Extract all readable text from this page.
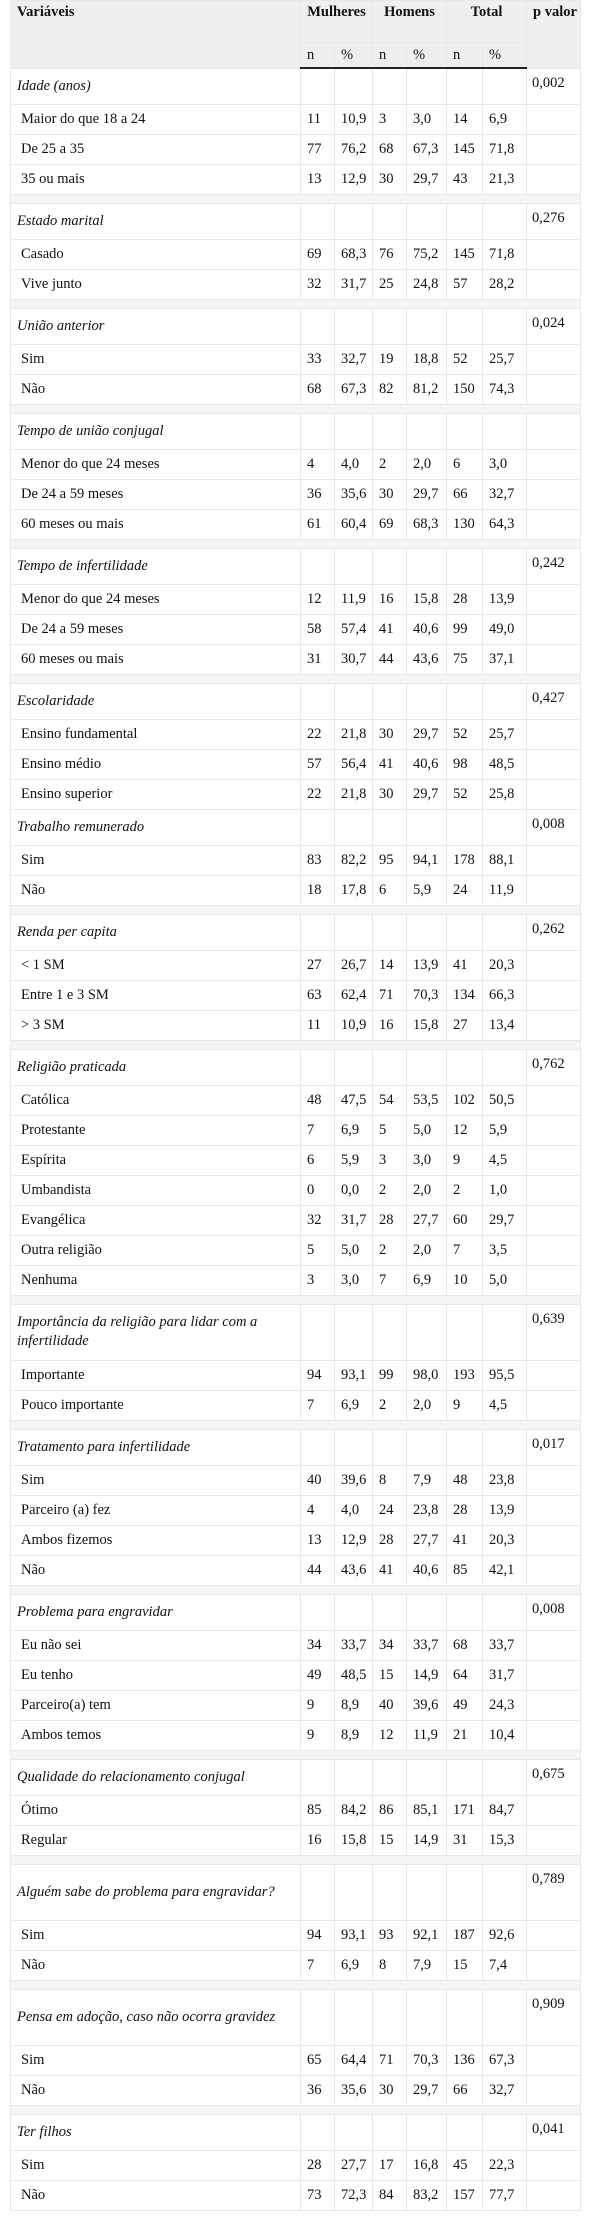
Variáveis	Mulheres		Homens		Total		p valor
	n	%	n	%	n	%	
Idade (anos)							0,002
Maior do que 18 a 24	11	10,9	3	3,0	14	6,9	
De 25 a 35	77	76,2	68	67,3	145	71,8	
35 ou mais	13	12,9	30	29,7	43	21,3	

Estado marital							0,276
Casado	69	68,3	76	75,2	145	71,8	
Vive junto	32	31,7	25	24,8	57	28,2	

União anterior							0,024
Sim	33	32,7	19	18,8	52	25,7	
Não	68	67,3	82	81,2	150	74,3	

Tempo de união conjugal							
Menor do que 24 meses	4	4,0	2	2,0	6	3,0	
De 24 a 59 meses	36	35,6	30	29,7	66	32,7	
60 meses ou mais	61	60,4	69	68,3	130	64,3	

Tempo de infertilidade							0,242
Menor do que 24 meses	12	11,9	16	15,8	28	13,9	
De 24 a 59 meses	58	57,4	41	40,6	99	49,0	
60 meses ou mais	31	30,7	44	43,6	75	37,1	

Escolaridade							0,427
Ensino fundamental	22	21,8	30	29,7	52	25,7	
Ensino médio	57	56,4	41	40,6	98	48,5	
Ensino superior	22	21,8	30	29,7	52	25,8	
Trabalho remunerado							0,008
Sim	83	82,2	95	94,1	178	88,1	
Não	18	17,8	6	5,9	24	11,9	

Renda per capita							0,262
< 1 SM	27	26,7	14	13,9	41	20,3	
Entre 1 e 3 SM	63	62,4	71	70,3	134	66,3	
> 3 SM	11	10,9	16	15,8	27	13,4	

Religião praticada							0,762
Católica	48	47,5	54	53,5	102	50,5	
Protestante	7	6,9	5	5,0	12	5,9	
Espírita	6	5,9	3	3,0	9	4,5	
Umbandista	0	0,0	2	2,0	2	1,0	
Evangélica	32	31,7	28	27,7	60	29,7	
Outra religião	5	5,0	2	2,0	7	3,5	
Nenhuma	3	3,0	7	6,9	10	5,0	

Importância da religião para lidar com a infertilidade							0,639
Importante	94	93,1	99	98,0	193	95,5	
Pouco importante	7	6,9	2	2,0	9	4,5	

Tratamento para infertilidade							0,017
Sim	40	39,6	8	7,9	48	23,8	
Parceiro (a) fez	4	4,0	24	23,8	28	13,9	
Ambos fizemos	13	12,9	28	27,7	41	20,3	
Não	44	43,6	41	40,6	85	42,1	

Problema para engravidar							0,008
Eu não sei	34	33,7	34	33,7	68	33,7	
Eu tenho	49	48,5	15	14,9	64	31,7	
Parceiro(a) tem	9	8,9	40	39,6	49	24,3	
Ambos temos	9	8,9	12	11,9	21	10,4	

Qualidade do relacionamento conjugal							0,675
Ótimo	85	84,2	86	85,1	171	84,7	
Regular	16	15,8	15	14,9	31	15,3	

Alguém sabe do problema para engravidar?							0,789
Sim	94	93,1	93	92,1	187	92,6	
Não	7	6,9	8	7,9	15	7,4	

Pensa em adoção, caso não ocorra gravidez							0,909
Sim	65	64,4	71	70,3	136	67,3	
Não	36	35,6	30	29,7	66	32,7	

Ter filhos							0,041
Sim	28	27,7	17	16,8	45	22,3	
Não	73	72,3	84	83,2	157	77,7	
